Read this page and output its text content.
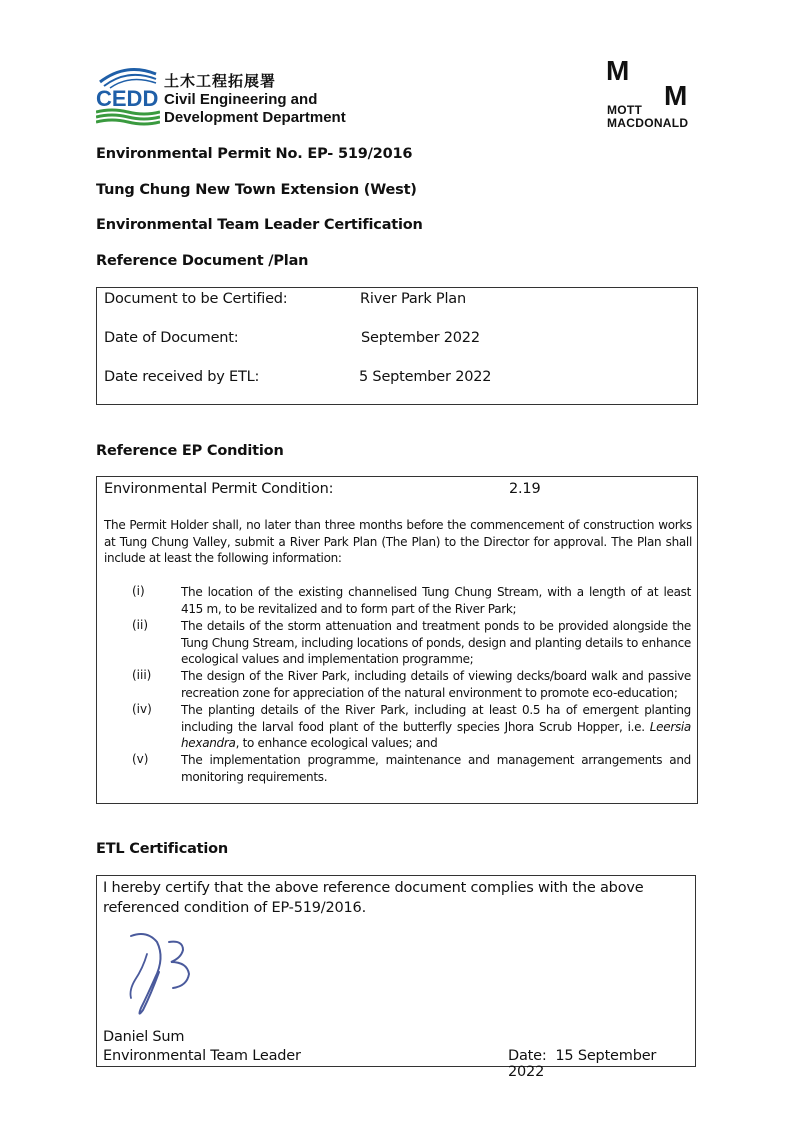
CEDD
土木工程拓展署
Civil Engineering and
Development Department
M
M
MOTT
MACDONALD
Environmental Permit No. EP- 519/2016
Tung Chung New Town Extension (West)
Environmental Team Leader Certification
Reference Document /Plan
Document to be Certified:	River Park Plan
Date of Document:	September 2022
Date received by ETL:	5 September 2022
Reference EP Condition
Environmental Permit Condition:	2.19
The Permit Holder shall, no later than three months before the commencement of construction works at Tung Chung Valley, submit a River Park Plan (The Plan) to the Director for approval. The Plan shall include at least the following information:
(i)	The location of the existing channelised Tung Chung Stream, with a length of at least 415 m, to be revitalized and to form part of the River Park;
(ii)	The details of the storm attenuation and treatment ponds to be provided alongside the Tung Chung Stream, including locations of ponds, design and planting details to enhance ecological values and implementation programme;
(iii) The design of the River Park, including details of viewing decks/board walk and passive recreation zone for appreciation of the natural environment to promote eco-education;
(iv) The planting details of the River Park, including at least 0.5 ha of emergent planting including the larval food plant of the butterfly species Jhora Scrub Hopper, i.e. Leersia hexandra, to enhance ecological values; and
(v)	The implementation programme, maintenance and management arrangements and monitoring requirements.
ETL Certification
I hereby certify that the above reference document complies with the above referenced condition of EP-519/2016.
Daniel Sum
Environmental Team Leader	Date: 15 September 2022
